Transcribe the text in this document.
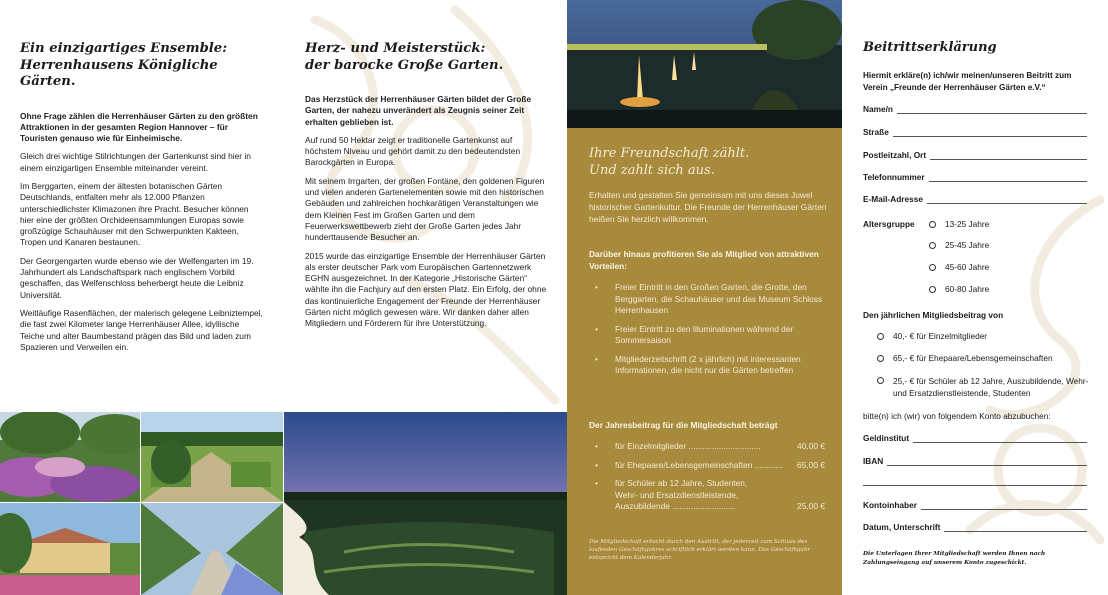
Ein einzigartiges Ensemble:
Herrenhausens Königliche Gärten.

Ohne Frage zählen die Herrenhäuser Gärten zu den größten Attraktionen in der gesamten Region Hannover – für Touristen genauso wie für Einheimische.

Gleich drei wichtige Stilrichtungen der Gartenkunst sind hier in einem einzigartigen Ensemble miteinander vereint.

Im Berggarten, einem der ältesten botanischen Gärten Deutschlands, entfalten mehr als 12.000 Pflanzen unterschiedlichster Klimazonen ihre Pracht. Besucher können hier eine der größten Orchideensammlungen Europas sowie großzügige Schauhäuser mit den Schwerpunkten Kakteen, Tropen und Kanaren bestaunen.

Der Georgengarten wurde ebenso wie der Welfengarten im 19. Jahrhundert als Landschaftspark nach englischem Vorbild geschaffen, das Welfenschloss beherbergt heute die Leibniz Universität.

Weitläufige Rasenflächen, der malerisch gelegene Leibniztempel, die fast zwei Kilometer lange Herrenhäuser Allee, idyllische Teiche und alter Baumbestand prägen das Bild und laden zum Spazieren und Verweilen ein.

Herz- und Meisterstück:
der barocke Große Garten.

Das Herzstück der Herrenhäuser Gärten bildet der Große Garten, der nahezu unverändert als Zeugnis seiner Zeit erhalten geblieben ist.

Auf rund 50 Hektar zeigt er traditionelle Gartenkunst auf höchstem Niveau und gehört damit zu den bedeutendsten Barockgärten in Europa.

Mit seinem Irrgarten, der großen Fontäne, den goldenen Figuren und vielen anderen Gartenelementen sowie mit den historischen Gebäuden und zahlreichen hochkarätigen Veranstaltungen wie dem Kleinen Fest im Großen Garten und dem Feuerwerkswettbewerb zieht der Große Garten jedes Jahr hunderttausende Besucher an.

2015 wurde das einzigartige Ensemble der Herrenhäuser Gärten als erster deutscher Park vom Europäischen Gartennetzwerk EGHN ausgezeichnet. In der Kategorie „Historische Gärten“ wählte ihn die Fachjury auf den ersten Platz. Ein Erfolg, der ohne das kontinuierliche Engagement der Freunde der Herrenhäuser Gärten nicht möglich gewesen wäre. Wir danken daher allen Mitgliedern und Förderern für ihre Unterstützung.

Ihre Freundschaft zählt.
Und zahlt sich aus.

Erhalten und gestalten Sie gemeinsam mit uns dieses Juwel historischer Gartenkultur. Die Freunde der Herrenhäuser Gärten heißen Sie herzlich willkommen.

Darüber hinaus profitieren Sie als Mitglied von attraktiven Vorteilen:

• Freier Eintritt in den Großen Garten, die Grotte, den Berggarten, die Schauhäuser und das Museum Schloss Herrenhausen
• Freier Eintritt zu den Illuminationen während der Sommersaison
• Mitgliederzeitschrift (2 x jährlich) mit interessanten Informationen, die nicht nur die Gärten betreffen

Der Jahresbeitrag für die Mitgliedschaft beträgt

• für Einzelmitglieder ...............................	40,00 €
• für Ehepaare/Lebensgemeinschaften ............ 65,00 €
• für Schüler ab 12 Jahre, Studenten, Wehr- und Ersatzdienstleistende, Auszubildende ...........................	25,00 €

Die Mitgliedschaft erlischt durch den Austritt, der jederzeit zum Schluss des laufenden Geschäftsjahres schriftlich erklärt werden kann. Das Geschäftsjahr entspricht dem Kalenderjahr.

Beitrittserklärung

Hiermit erkläre(n) ich/wir meinen/unseren Beitritt zum Verein „Freunde der Herrenhäuser Gärten e.V.“

Name/n
Straße
Postleitzahl, Ort
Telefonnummer
E-Mail-Adresse
Altersgruppe	13-25 Jahre
25-45 Jahre
45-60 Jahre
60-80 Jahre
Den jährlichen Mitgliedsbeitrag von
40,- € für Einzelmitglieder
65,- € für Ehepaare/Lebensgemeinschaften
25,- € für Schüler ab 12 Jahre, Auszubildende, Wehr- und Ersatzdienstleistende, Studenten
bitte(n) ich (wir) von folgendem Konto abzubuchen:
Geldinstitut
IBAN
Kontoinhaber
Datum, Unterschrift

Die Unterlagen Ihrer Mitgliedschaft werden Ihnen nach Zahlungseingang auf unserem Konto zugeschickt.
